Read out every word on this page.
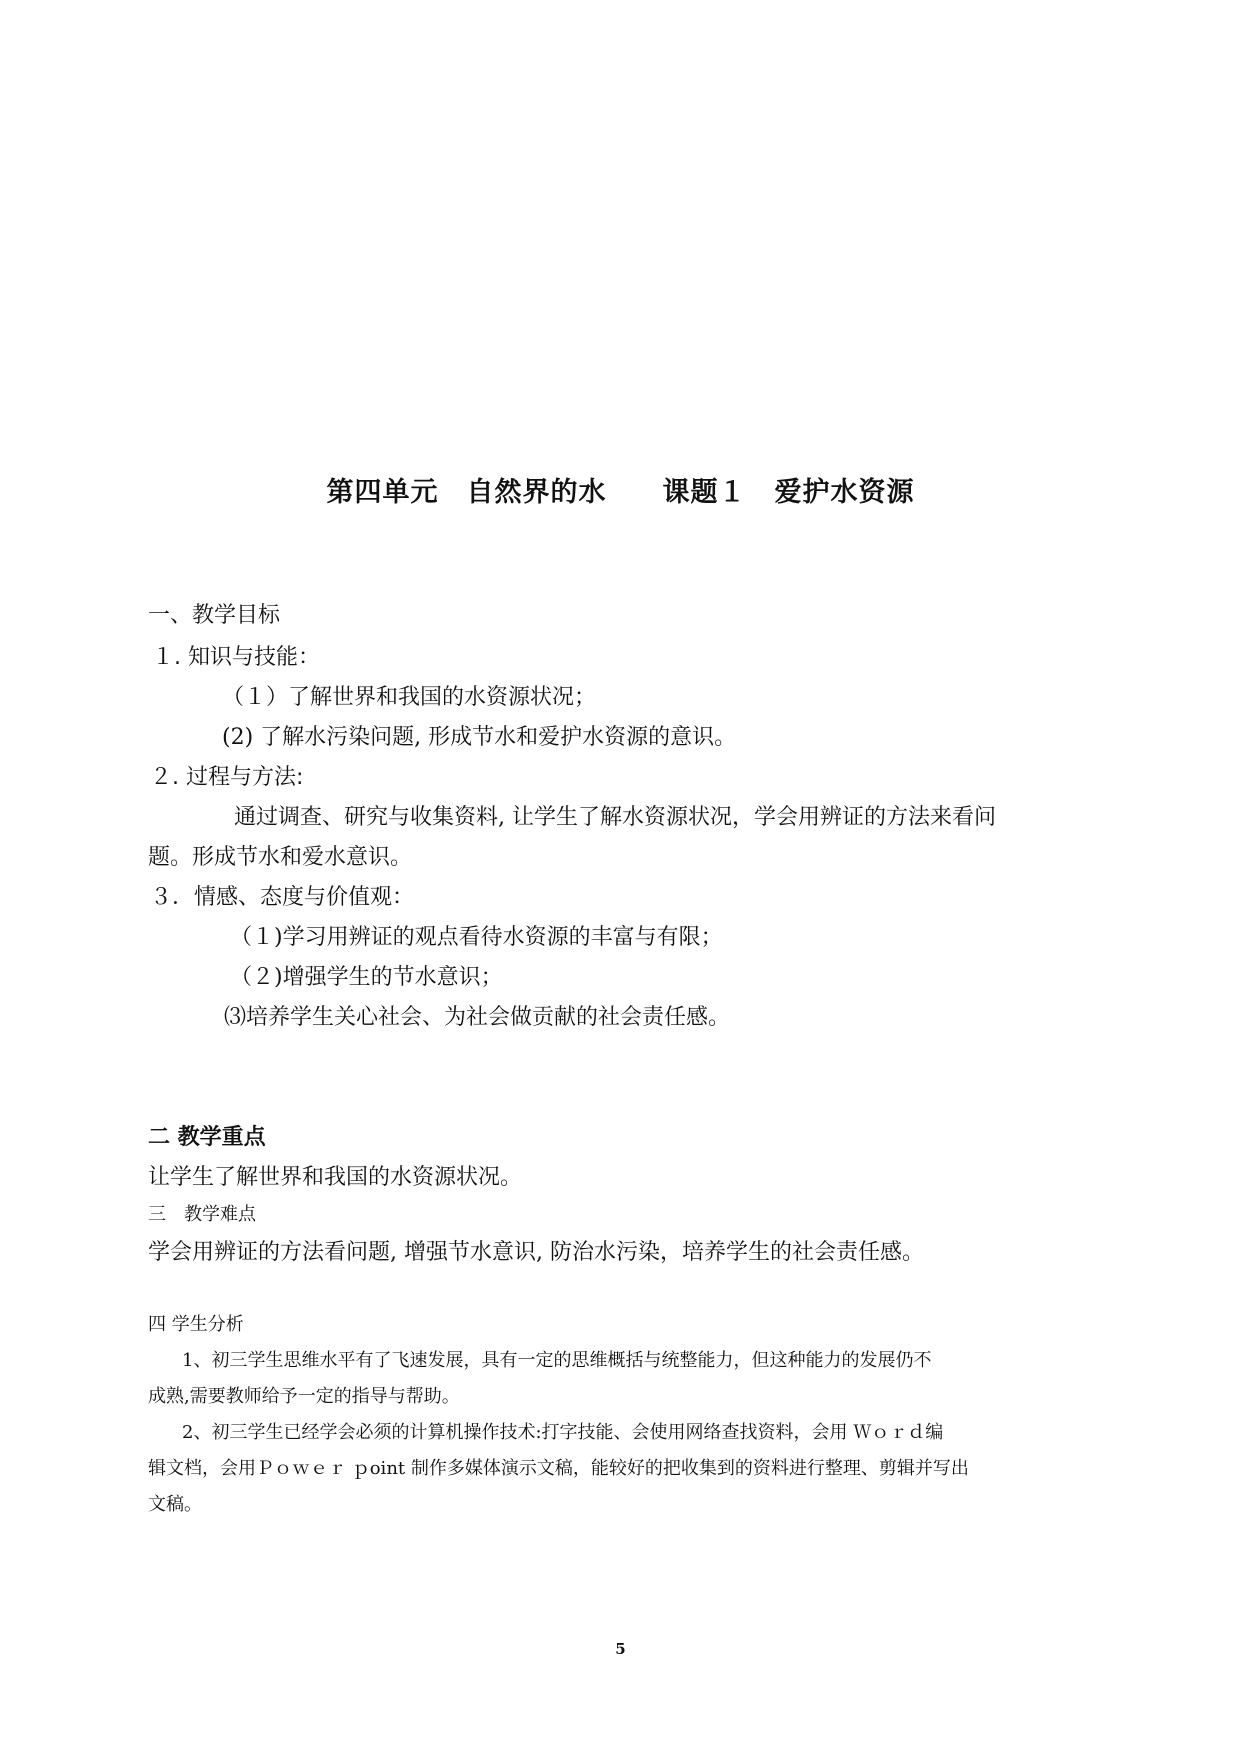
第四单元　自然界的水　　课题１　爱护水资源
一、教学目标
１. 知识与技能：
（１）了解世界和我国的水资源状况；
(2) 了解水污染问题, 形成节水和爱护水资源的意识。
２. 过程与方法:
通过调查、研究与收集资料, 让学生了解水资源状况，学会用辨证的方法来看问
题。形成节水和爱水意识。
３．情感、态度与价值观：
（１)学习用辨证的观点看待水资源的丰富与有限；
（２)增强学生的节水意识；
⑶培养学生关心社会、为社会做贡献的社会责任感。
二 教学重点
让学生了解世界和我国的水资源状况。
三　教学难点
学会用辨证的方法看问题, 增强节水意识, 防治水污染，培养学生的社会责任感。
四 学生分析
1、初三学生思维水平有了飞速发展，具有一定的思维概括与统整能力，但这种能力的发展仍不
成熟,需要教师给予一定的指导与帮助。
2、初三学生已经学会必须的计算机操作技术:打字技能、会使用网络查找资料，会用 Ｗｏｒｄ编
辑文档，会用Ｐｏｗｅｒ ｐoint 制作多媒体演示文稿，能较好的把收集到的资料进行整理、剪辑并写出
文稿。
5
